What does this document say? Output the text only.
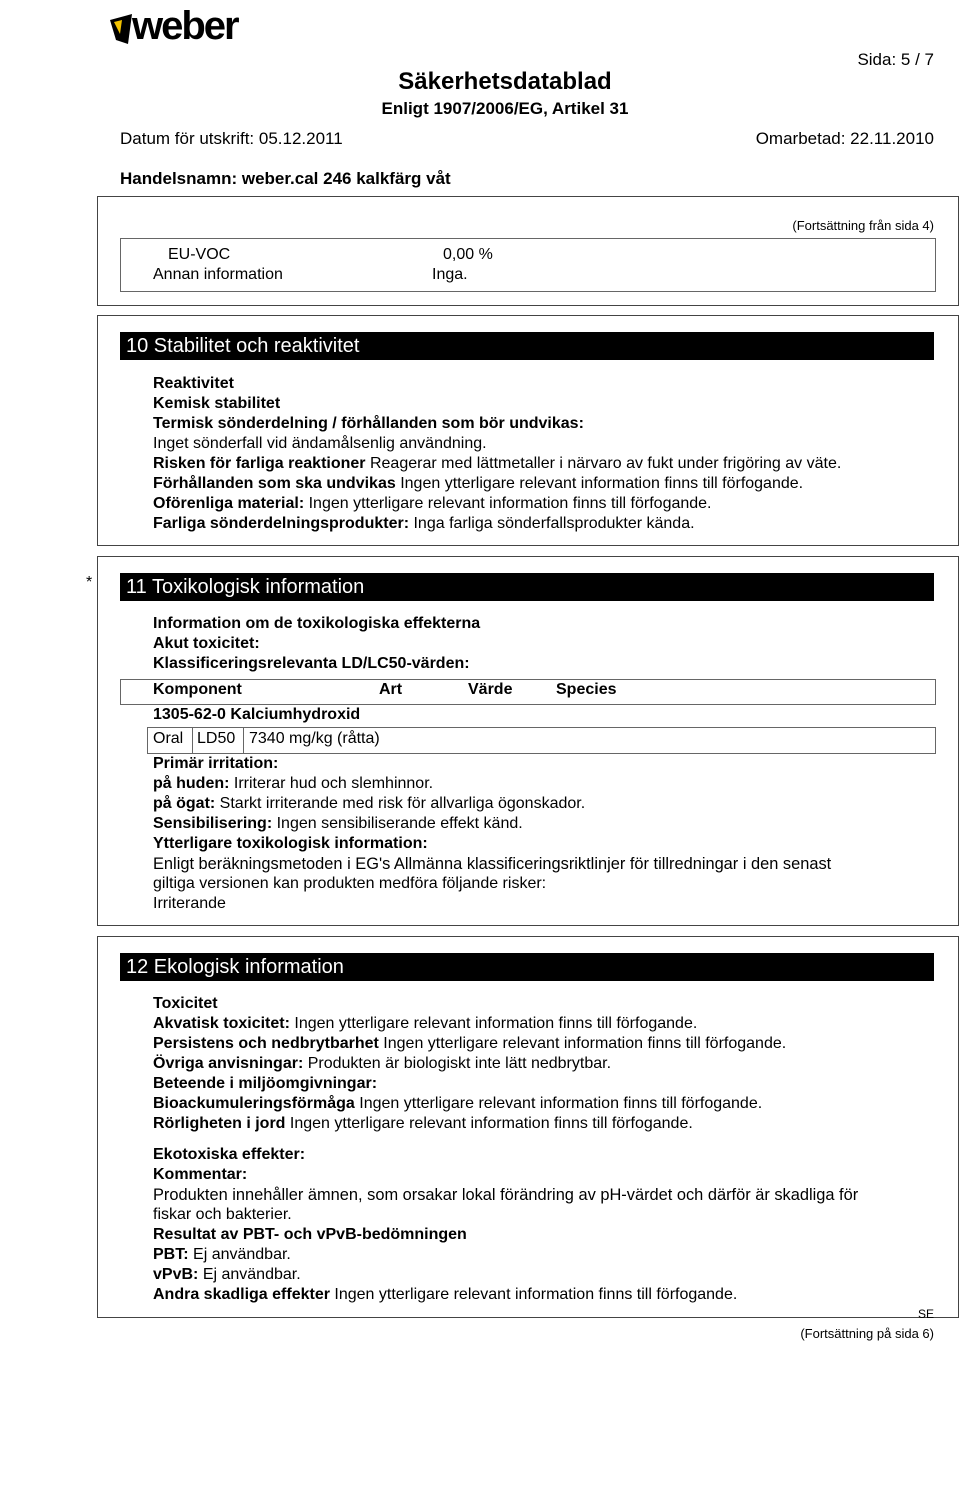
weber
Sida: 5 / 7
Säkerhetsdatablad
Enligt 1907/2006/EG, Artikel 31
Datum för utskrift: 05.12.2011	Omarbetad: 22.11.2010
Handelsnamn: weber.cal 246 kalkfärg våt
(Fortsättning från sida 4)
EU-VOC	0,00 %
Annan information	Inga.
10 Stabilitet och reaktivitet
Reaktivitet
Kemisk stabilitet
Termisk sönderdelning / förhållanden som bör undvikas:
Inget sönderfall vid ändamålsenlig användning.
Risken för farliga reaktioner Reagerar med lättmetaller i närvaro av fukt under frigöring av väte.
Förhållanden som ska undvikas Ingen ytterligare relevant information finns till förfogande.
Oförenliga material: Ingen ytterligare relevant information finns till förfogande.
Farliga sönderdelningsprodukter: Inga farliga sönderfallsprodukter kända.
*	11 Toxikologisk information
Information om de toxikologiska effekterna
Akut toxicitet:
Klassificeringsrelevanta LD/LC50-värden:
Komponent	Art	Värde	Species
1305-62-0 Kalciumhydroxid
Oral LD50 7340 mg/kg (råtta)
Primär irritation:
på huden: Irriterar hud och slemhinnor.
på ögat: Starkt irriterande med risk för allvarliga ögonskador.
Sensibilisering: Ingen sensibiliserande effekt känd.
Ytterligare toxikologisk information:
Enligt beräkningsmetoden i EG's Allmänna klassificeringsriktlinjer för tillredningar i den senast
giltiga versionen kan produkten medföra följande risker:
Irriterande
12 Ekologisk information
Toxicitet
Akvatisk toxicitet: Ingen ytterligare relevant information finns till förfogande.
Persistens och nedbrytbarhet Ingen ytterligare relevant information finns till förfogande.
Övriga anvisningar: Produkten är biologiskt inte lätt nedbrytbar.
Beteende i miljöomgivningar:
Bioackumuleringsförmåga Ingen ytterligare relevant information finns till förfogande.
Rörligheten i jord Ingen ytterligare relevant information finns till förfogande.
Ekotoxiska effekter:
Kommentar:
Produkten innehåller ämnen, som orsakar lokal förändring av pH-värdet och därför är skadliga för
fiskar och bakterier.
Resultat av PBT- och vPvB-bedömningen
PBT: Ej användbar.
vPvB: Ej användbar.
Andra skadliga effekter Ingen ytterligare relevant information finns till förfogande.
SE
(Fortsättning på sida 6)
